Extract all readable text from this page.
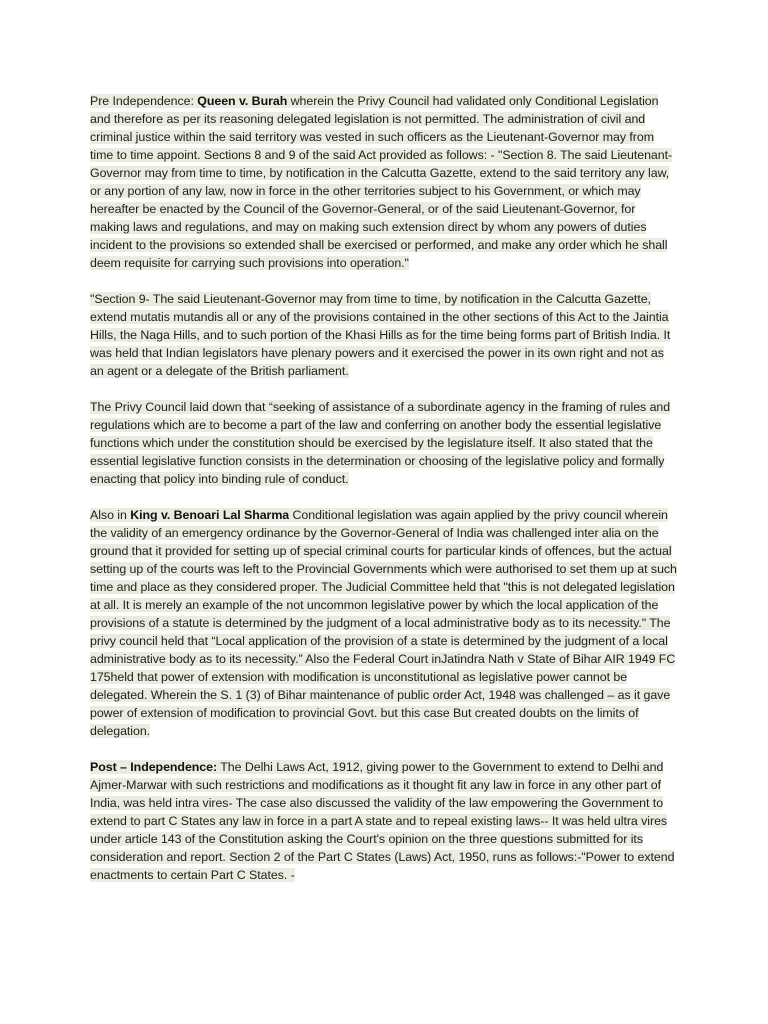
Pre Independence: Queen v. Burah wherein the Privy Council had validated only Conditional Legislation and therefore as per its reasoning delegated legislation is not permitted. The administration of civil and criminal justice within the said territory was vested in such officers as the Lieutenant-Governor may from time to time appoint. Sections 8 and 9 of the said Act provided as follows: - "Section 8. The said Lieutenant-Governor may from time to time, by notification in the Calcutta Gazette, extend to the said territory any law, or any portion of any law, now in force in the other territories subject to his Government, or which may hereafter be enacted by the Council of the Governor-General, or of the said Lieutenant-Governor, for making laws and regulations, and may on making such extension direct by whom any powers of duties incident to the provisions so extended shall be exercised or performed, and make any order which he shall deem requisite for carrying such provisions into operation."

"Section 9- The said Lieutenant-Governor may from time to time, by notification in the Calcutta Gazette, extend mutatis mutandis all or any of the provisions contained in the other sections of this Act to the Jaintia Hills, the Naga Hills, and to such portion of the Khasi Hills as for the time being forms part of British India. It was held that Indian legislators have plenary powers and it exercised the power in its own right and not as an agent or a delegate of the British parliament.

The Privy Council laid down that “seeking of assistance of a subordinate agency in the framing of rules and regulations which are to become a part of the law and conferring on another body the essential legislative functions which under the constitution should be exercised by the legislature itself. It also stated that the essential legislative function consists in the determination or choosing of the legislative policy and formally enacting that policy into binding rule of conduct.

Also in King v. Benoari Lal Sharma Conditional legislation was again applied by the privy council wherein the validity of an emergency ordinance by the Governor-General of India was challenged inter alia on the ground that it provided for setting up of special criminal courts for particular kinds of offences, but the actual setting up of the courts was left to the Provincial Governments which were authorised to set them up at such time and place as they considered proper. The Judicial Committee held that "this is not delegated legislation at all. It is merely an example of the not uncommon legislative power by which the local application of the provisions of a statute is determined by the judgment of a local administrative body as to its necessity." The privy council held that “Local application of the provision of a state is determined by the judgment of a local administrative body as to its necessity.” Also the Federal Court inJatindra Nath v State of Bihar AIR 1949 FC 175held that power of extension with modification is unconstitutional as legislative power cannot be delegated. Wherein the S. 1 (3) of Bihar maintenance of public order Act, 1948 was challenged – as it gave power of extension of modification to provincial Govt. but this case But created doubts on the limits of delegation.

Post – Independence: The Delhi Laws Act, 1912, giving power to the Government to extend to Delhi and Ajmer-Marwar with such restrictions and modifications as it thought fit any law in force in any other part of India, was held intra vires- The case also discussed the validity of the law empowering the Government to extend to part C States any law in force in a part A state and to repeal existing laws-- It was held ultra vires under article 143 of the Constitution asking the Court's opinion on the three questions submitted for its consideration and report. Section 2 of the Part C States (Laws) Act, 1950, runs as follows:-"Power to extend enactments to certain Part C States. -
